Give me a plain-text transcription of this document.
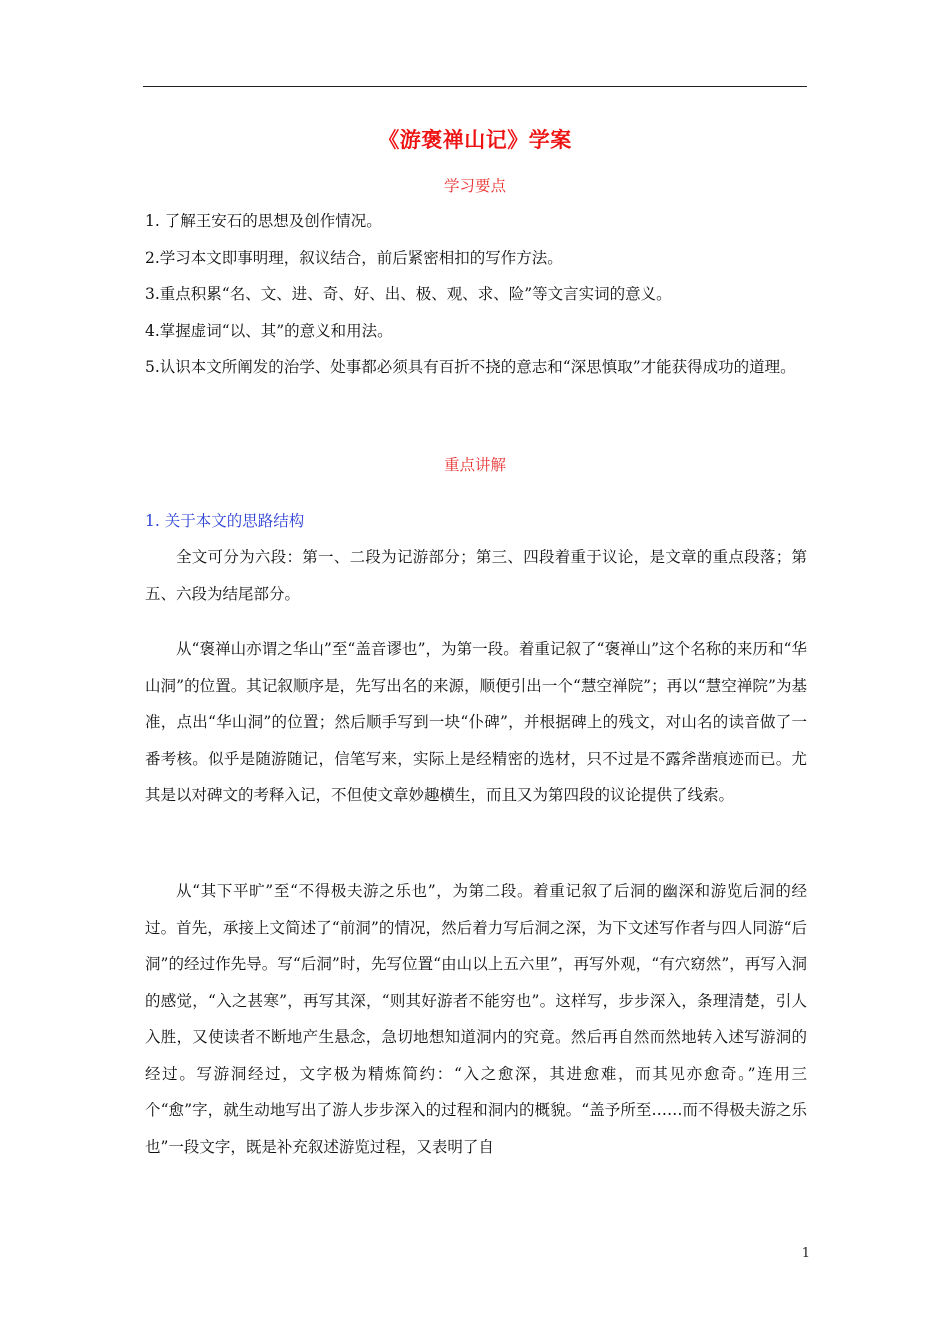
《游褒禅山记》学案
学习要点

1. 了解王安石的思想及创作情况。

2.学习本文即事明理，叙议结合，前后紧密相扣的写作方法。

3.重点积累“名、文、进、奇、好、出、极、观、求、险”等文言实词的意义。

4.掌握虚词“以、其”的意义和用法。

5.认识本文所阐发的治学、处事都必须具有百折不挠的意志和“深思慎取”才能获得成功的道理。

重点讲解
1. 关于本文的思路结构

全文可分为六段：第一、二段为记游部分；第三、四段着重于议论，是文章的重点段落；第五、六段为结尾部分。

从“褒禅山亦谓之华山”至“盖音谬也”，为第一段。着重记叙了“褒禅山”这个名称的来历和“华山洞”的位置。其记叙顺序是，先写出名的来源，顺便引出一个“慧空禅院”；再以“慧空禅院”为基准，点出“华山洞”的位置；然后顺手写到一块“仆碑”，并根据碑上的残文，对山名的读音做了一番考核。似乎是随游随记，信笔写来，实际上是经精密的选材，只不过是不露斧凿痕迹而已。尤其是以对碑文的考释入记，不但使文章妙趣横生，而且又为第四段的议论提供了线索。

从“其下平旷”至“不得极夫游之乐也”，为第二段。着重记叙了后洞的幽深和游览后洞的经过。首先，承接上文简述了“前洞”的情况，然后着力写后洞之深，为下文述写作者与四人同游“后洞”的经过作先导。写“后洞”时，先写位置“由山以上五六里”，再写外观，“有穴窈然”，再写入洞的感觉，“入之甚寒”，再写其深，“则其好游者不能穷也”。这样写，步步深入，条理清楚，引人入胜，又使读者不断地产生悬念，急切地想知道洞内的究竟。然后再自然而然地转入述写游洞的经过。写游洞经过，文字极为精炼简约：“入之愈深，其进愈难，而其见亦愈奇。”连用三个“愈”字，就生动地写出了游人步步深入的过程和洞内的概貌。“盖予所至……而不得极夫游之乐也”一段文字，既是补充叙述游览过程，又表明了自

1
